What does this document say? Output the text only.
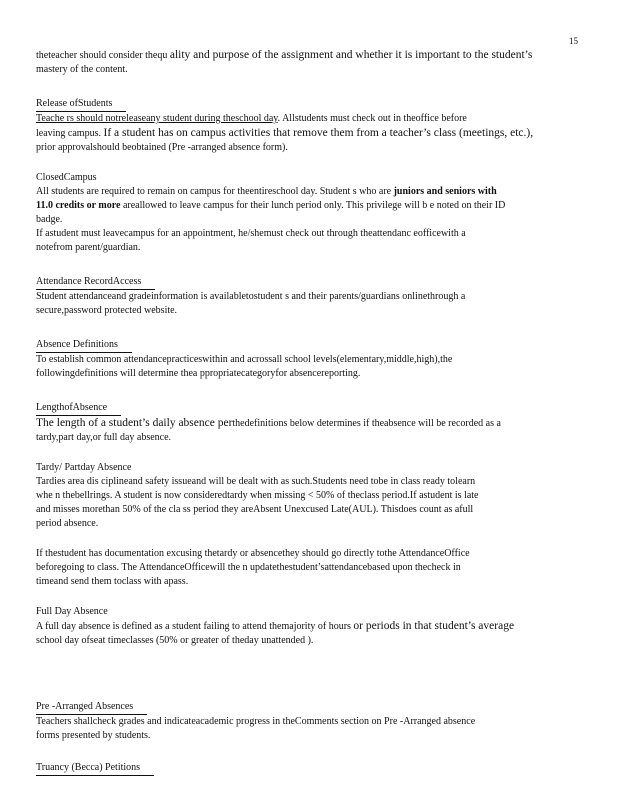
15

theteacher should consider thequ ality and purpose of the assignment and whether it is important to the student’s

mastery of the content.

Release ofStudents

Teache rs should notreleaseany student during theschool day. Allstudents must check out in theoffice before

leaving campus. If a student has on campus activities that remove them from a teacher’s class (meetings, etc.),

prior approvalshould beobtained (Pre -arranged absence form).

ClosedCampus

All students are required to remain on campus for theentireschool day. Student s who are juniors and seniors with

11.0 credits or more areallowed to leave campus for their lunch period only. This privilege will b e noted on their ID

badge.

If astudent must leavecampus for an appointment, he/shemust check out through theattendanc eofficewith a

notefrom parent/guardian.

Attendance RecordAccess

Student attendanceand gradeinformation is availabletostudent s and their parents/guardians onlinethrough a

secure,password protected website.

Absence Definitions

To establish common attendancepracticeswithin and acrossall school levels(elementary,middle,high),the

followingdefinitions will determine thea ppropriatecategoryfor absencereporting.

LengthofAbsence

The length of a student’s daily absence perthedefinitions below determines if theabsence will be recorded as a

tardy,part day,or full day absence.

Tardy/ Partday Absence

Tardies area dis ciplineand safety issueand will be dealt with as such.Students need tobe in class ready tolearn

whe n thebellrings. A student is now consideredtardy when missing < 50% of theclass period.If astudent is late

and misses morethan 50% of the cla ss period they areAbsent Unexcused Late(AUL). Thisdoes count as afull

period absence.

If thestudent has documentation excusing thetardy or absencethey should go directly tothe AttendanceOffice

beforegoing to class. The AttendanceOfficewill the n updatethestudent’sattendancebased upon thecheck in

timeand send them toclass with apass.

Full Day Absence

A full day absence is defined as a student failing to attend themajority of hours or periods in that student’s average

school day ofseat timeclasses (50% or greater of theday unattended ).

Pre -Arranged Absences

Teachers shallcheck grades and indicateacademic progress in theComments section on Pre -Arranged absence

forms presented by students.

Truancy (Becca) Petitions
